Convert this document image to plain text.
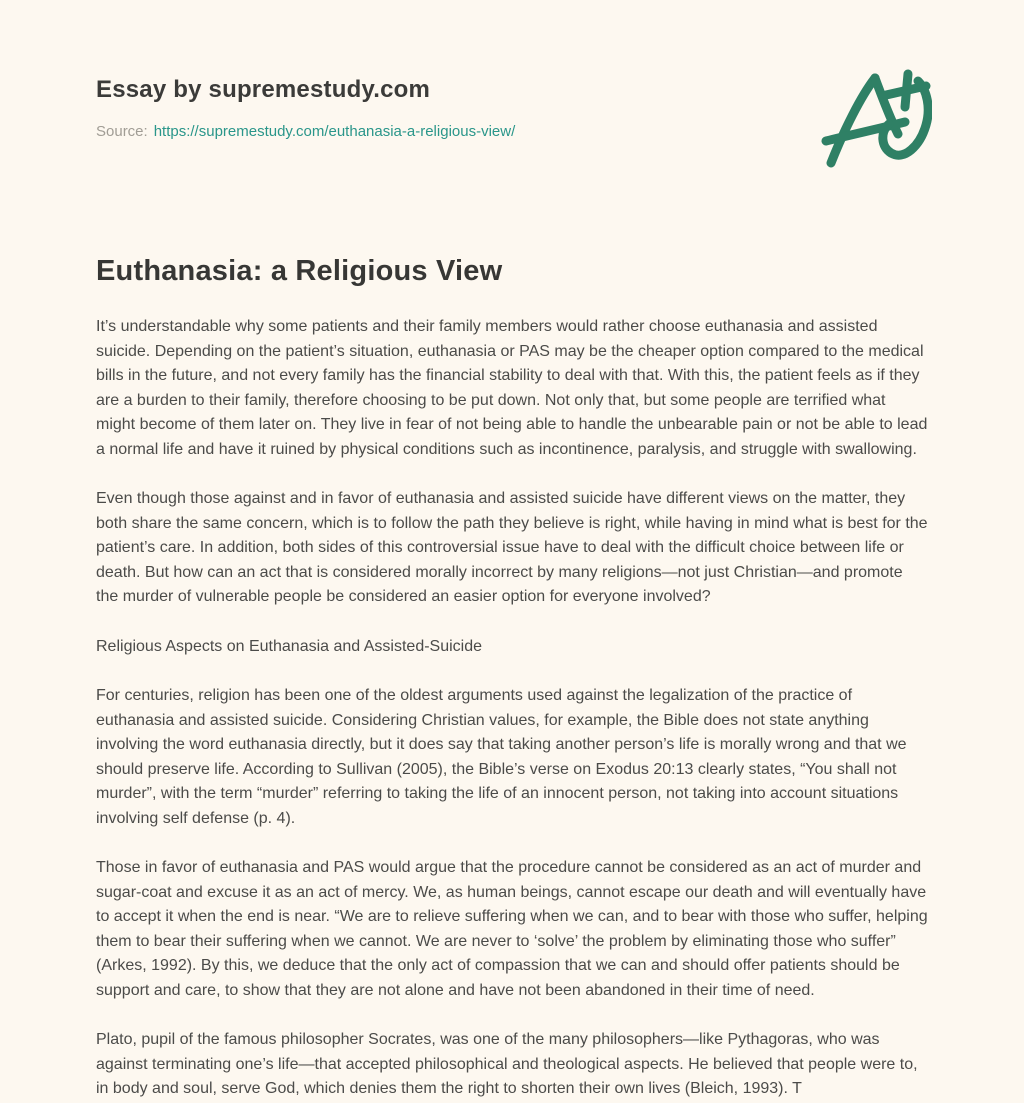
Essay by supremestudy.com
Source: https://supremestudy.com/euthanasia-a-religious-view/
Euthanasia: a Religious View

It’s understandable why some patients and their family members would rather choose euthanasia and assisted suicide. Depending on the patient’s situation, euthanasia or PAS may be the cheaper option compared to the medical bills in the future, and not every family has the financial stability to deal with that. With this, the patient feels as if they are a burden to their family, therefore choosing to be put down. Not only that, but some people are terrified what might become of them later on. They live in fear of not being able to handle the unbearable pain or not be able to lead a normal life and have it ruined by physical conditions such as incontinence, paralysis, and struggle with swallowing.

Even though those against and in favor of euthanasia and assisted suicide have different views on the matter, they both share the same concern, which is to follow the path they believe is right, while having in mind what is best for the patient’s care. In addition, both sides of this controversial issue have to deal with the difficult choice between life or death. But how can an act that is considered morally incorrect by many religions—not just Christian—and promote the murder of vulnerable people be considered an easier option for everyone involved?

Religious Aspects on Euthanasia and Assisted-Suicide

For centuries, religion has been one of the oldest arguments used against the legalization of the practice of euthanasia and assisted suicide. Considering Christian values, for example, the Bible does not state anything involving the word euthanasia directly, but it does say that taking another person’s life is morally wrong and that we should preserve life. According to Sullivan (2005), the Bible’s verse on Exodus 20:13 clearly states, “You shall not murder”, with the term “murder” referring to taking the life of an innocent person, not taking into account situations involving self defense (p. 4).

Those in favor of euthanasia and PAS would argue that the procedure cannot be considered as an act of murder and sugar-coat and excuse it as an act of mercy. We, as human beings, cannot escape our death and will eventually have to accept it when the end is near. “We are to relieve suffering when we can, and to bear with those who suffer, helping them to bear their suffering when we cannot. We are never to ‘solve’ the problem by eliminating those who suffer” (Arkes, 1992). By this, we deduce that the only act of compassion that we can and should offer patients should be support and care, to show that they are not alone and have not been abandoned in their time of need.

Plato, pupil of the famous philosopher Socrates, was one of the many philosophers—like Pythagoras, who was against terminating one’s life—that accepted philosophical and theological aspects. He believed that people were to, in body and soul, serve God, which denies them the right to shorten their own lives (Bleich, 1993). T
